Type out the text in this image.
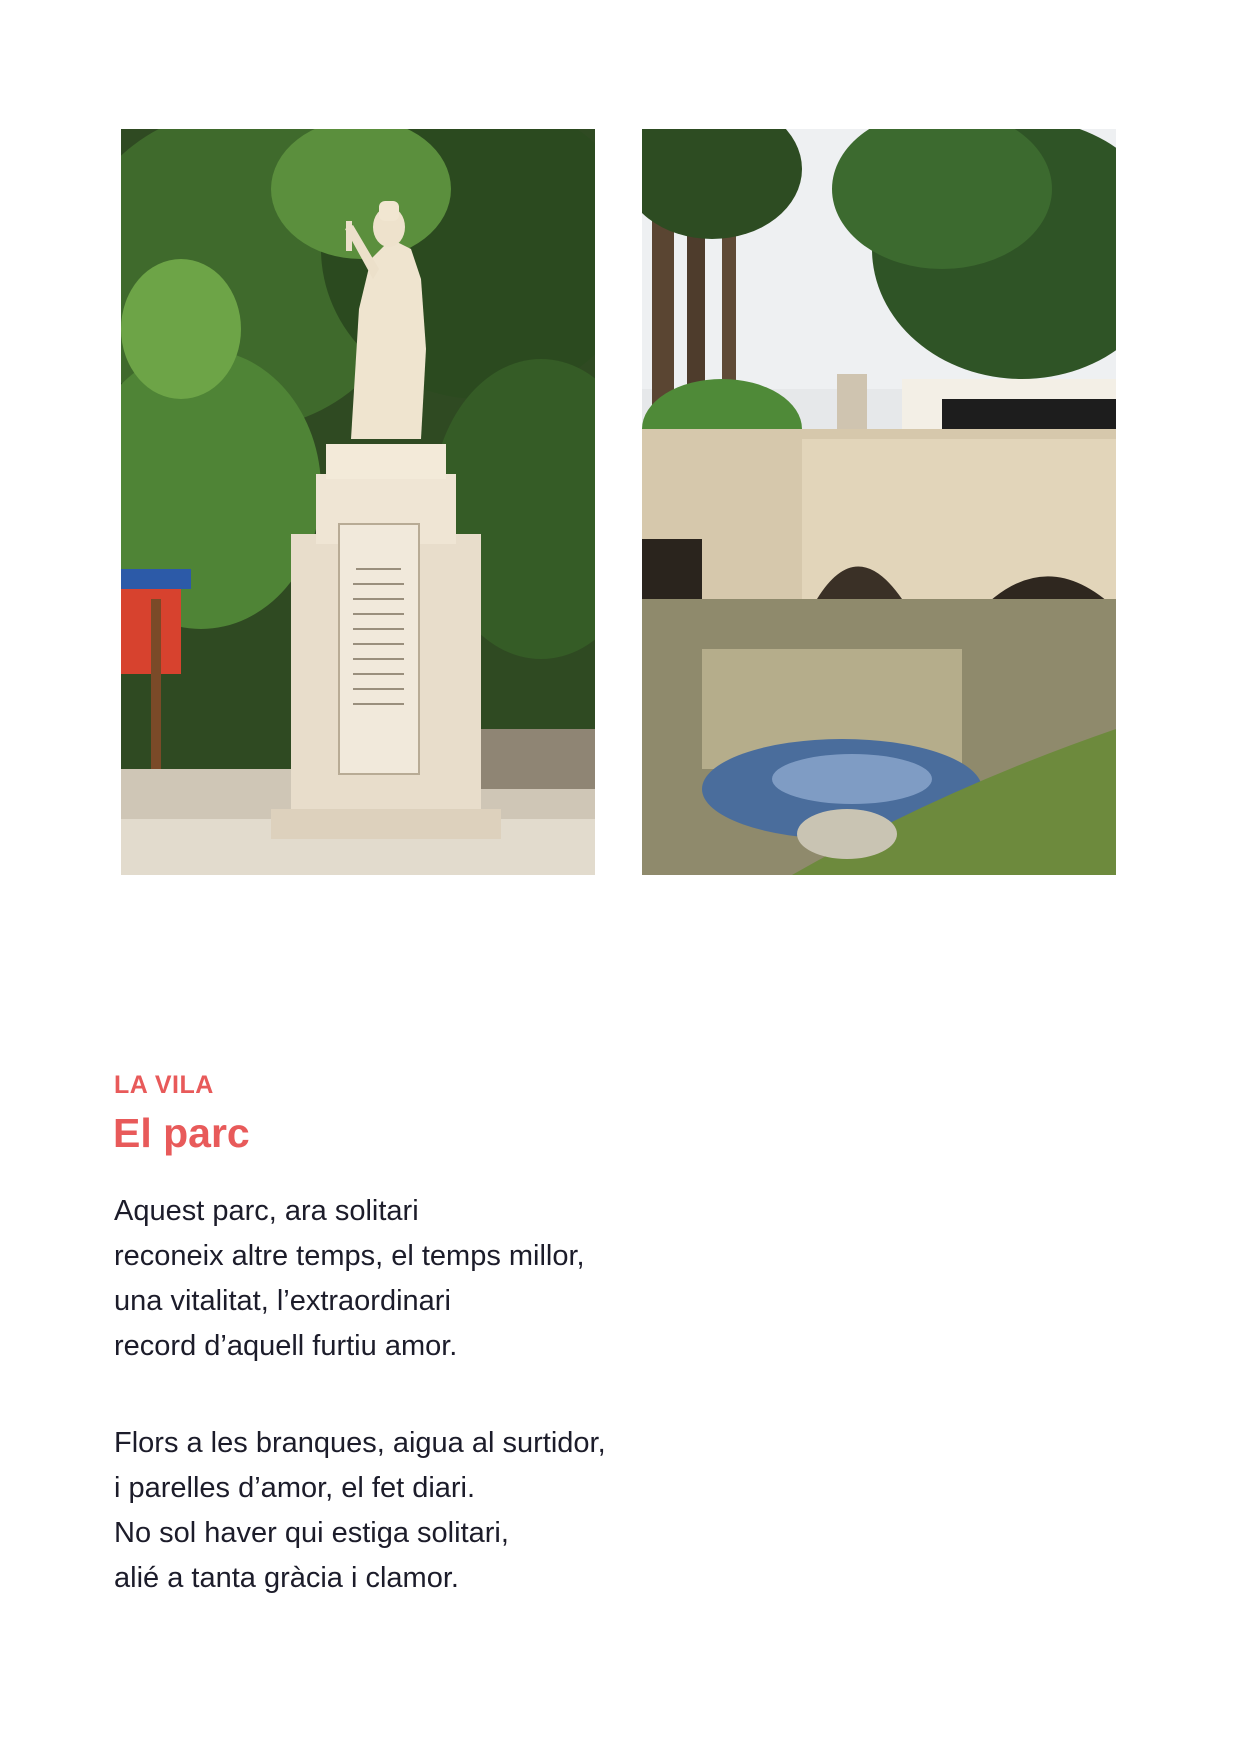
LA VILA
El parc

Aquest parc, ara solitari
reconeix altre temps, el temps millor,
una vitalitat, l’extraordinari
record d’aquell furtiu amor.

Flors a les branques, aigua al surtidor,
i parelles d’amor, el fet diari.
No sol haver qui estiga solitari,
alié a tanta gràcia i clamor.
